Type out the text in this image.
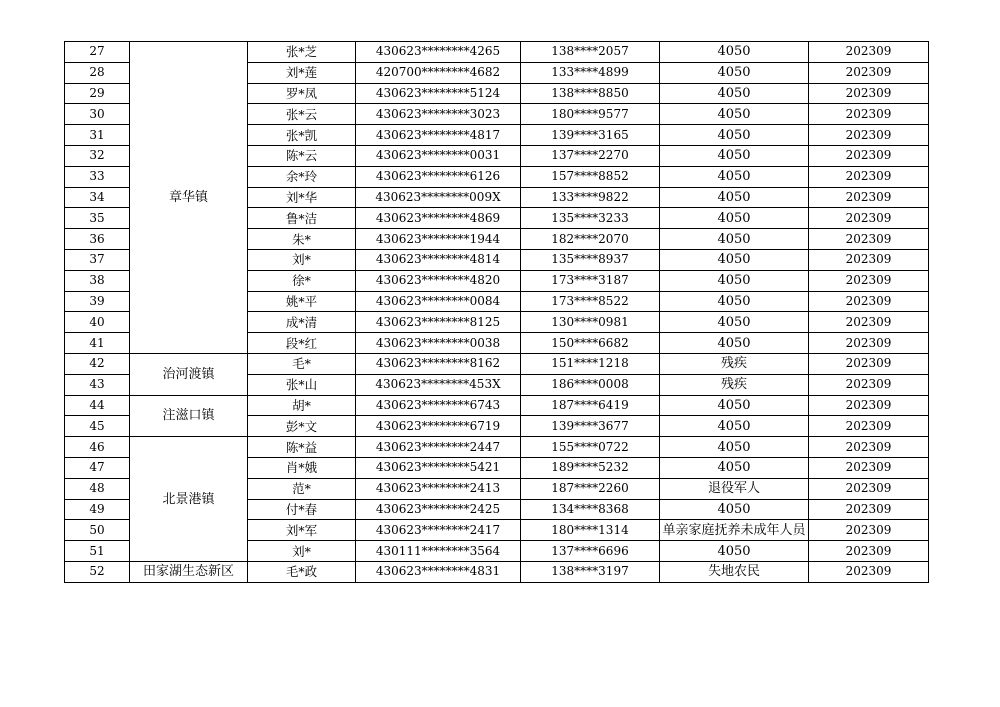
27	章华镇	张*芝	430623********4265	138****2057	4050	202309
28		刘*莲	420700********4682	133****4899	4050	202309
29		罗*凤	430623********5124	138****8850	4050	202309
30		张*云	430623********3023	180****9577	4050	202309
31		张*凯	430623********4817	139****3165	4050	202309
32		陈*云	430623********0031	137****2270	4050	202309
33		余*玲	430623********6126	157****8852	4050	202309
34		刘*华	430623********009X	133****9822	4050	202309
35		鲁*洁	430623********4869	135****3233	4050	202309
36		朱*	430623********1944	182****2070	4050	202309
37		刘*	430623********4814	135****8937	4050	202309
38		徐*	430623********4820	173****3187	4050	202309
39		姚*平	430623********0084	173****8522	4050	202309
40		成*清	430623********8125	130****0981	4050	202309
41		段*红	430623********0038	150****6682	4050	202309
42	治河渡镇	毛*	430623********8162	151****1218	残疾	202309
43		张*山	430623********453X	186****0008	残疾	202309
44	注滋口镇	胡*	430623********6743	187****6419	4050	202309
45		彭*文	430623********6719	139****3677	4050	202309
46	北景港镇	陈*益	430623********2447	155****0722	4050	202309
47		肖*娥	430623********5421	189****5232	4050	202309
48		范*	430623********2413	187****2260	退役军人	202309
49		付*春	430623********2425	134****8368	4050	202309
50		刘*军	430623********2417	180****1314	单亲家庭抚养未成年人员	202309
51		刘*	430111********3564	137****6696	4050	202309
52	田家湖生态新区	毛*政	430623********4831	138****3197	失地农民	202309
